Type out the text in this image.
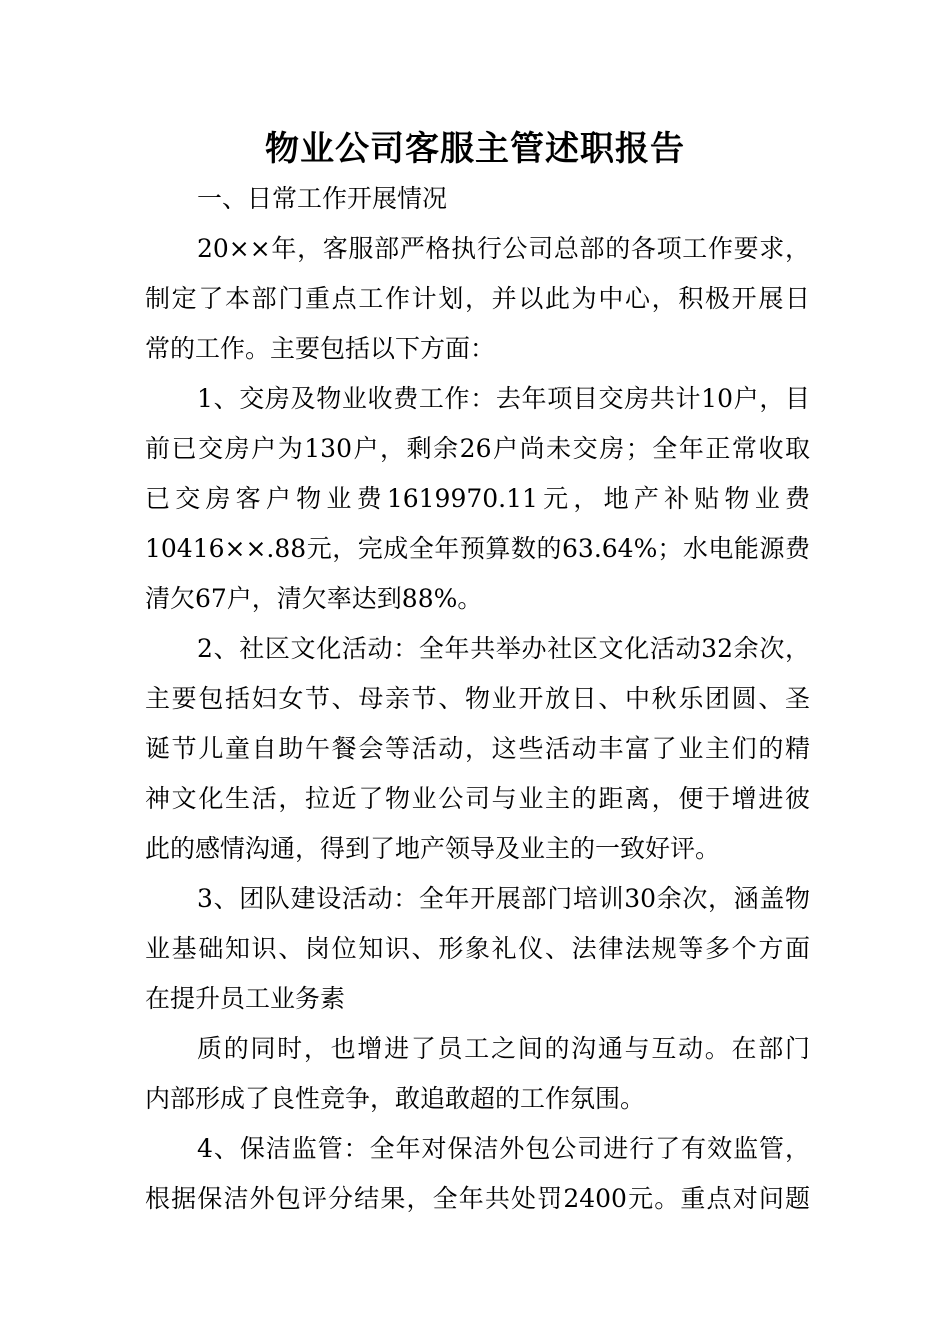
物业公司客服主管述职报告

一、日常工作开展情况

20××年，客服部严格执行公司总部的各项工作要求，

制定了本部门重点工作计划，并以此为中心，积极开展日

常的工作。主要包括以下方面：

1、交房及物业收费工作：去年项目交房共计10户，目

前已交房户为130户，剩余26户尚未交房；全年正常收取

已交房客户物业费1619970.11元，地产补贴物业费

10416××.88元，完成全年预算数的63.64%；水电能源费

清欠67户，清欠率达到88%。

2、社区文化活动：全年共举办社区文化活动32余次，

主要包括妇女节、母亲节、物业开放日、中秋乐团圆、圣

诞节儿童自助午餐会等活动，这些活动丰富了业主们的精

神文化生活，拉近了物业公司与业主的距离，便于增进彼

此的感情沟通，得到了地产领导及业主的一致好评。

3、团队建设活动：全年开展部门培训30余次，涵盖物

业基础知识、岗位知识、形象礼仪、法律法规等多个方面

在提升员工业务素

质的同时，也增进了员工之间的沟通与互动。在部门

内部形成了良性竞争，敢追敢超的工作氛围。

4、保洁监管：全年对保洁外包公司进行了有效监管，

根据保洁外包评分结果，全年共处罚2400元。重点对问题
